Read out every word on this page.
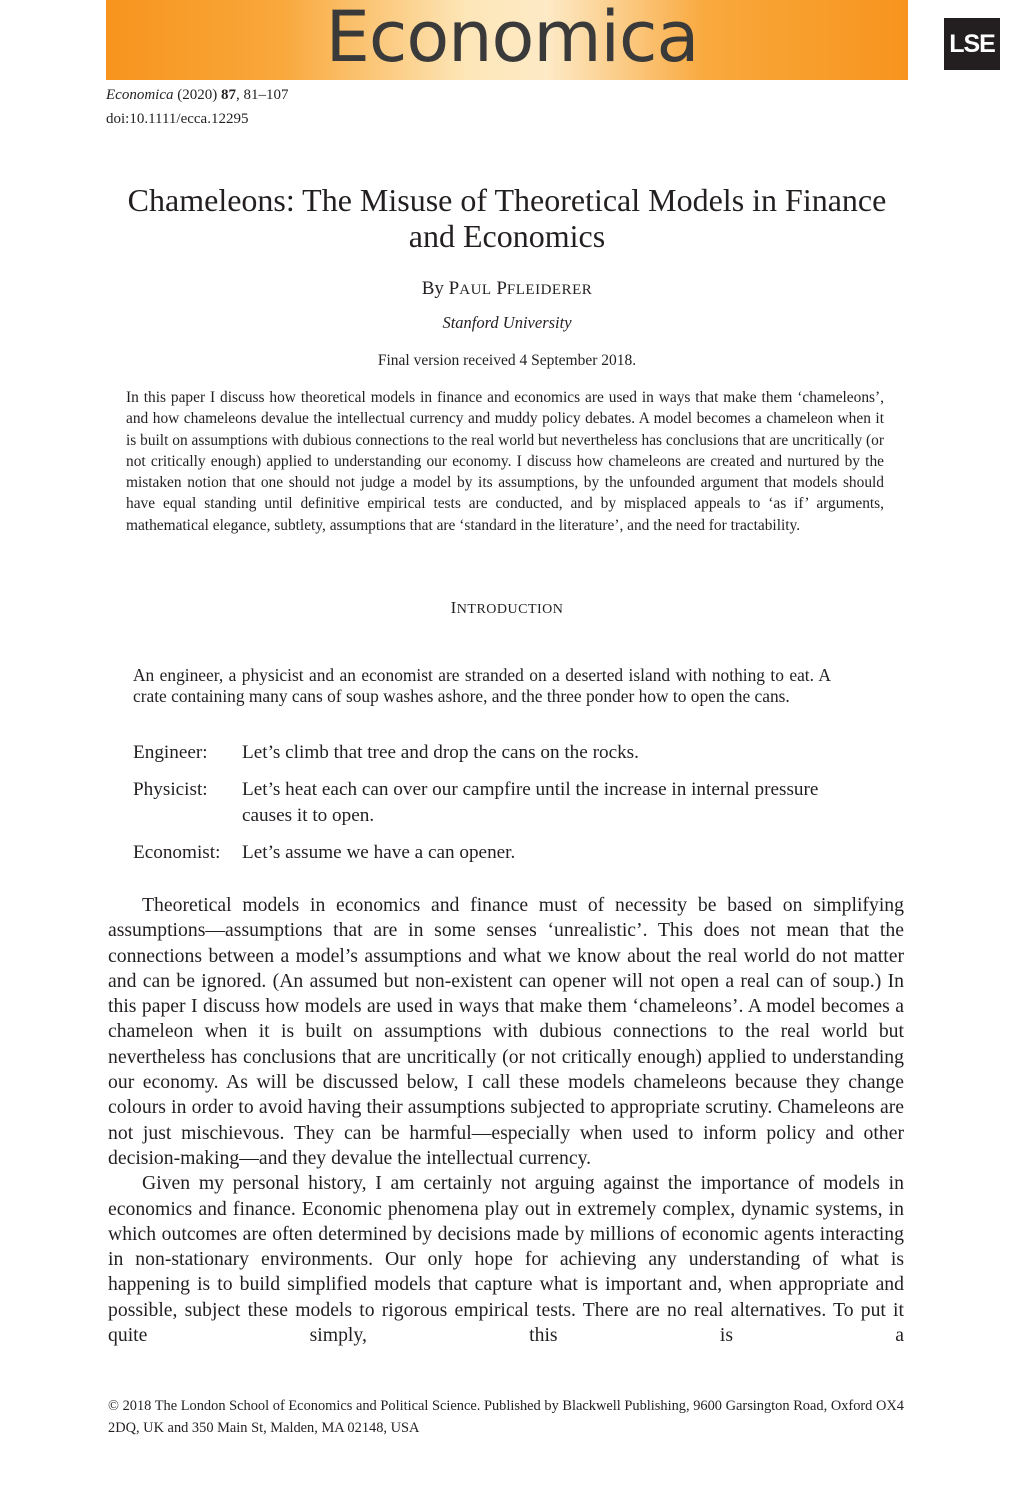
Economica	LSE
Economica (2020) 87, 81–107
doi:10.1111/ecca.12295
Chameleons: The Misuse of Theoretical Models in Finance and Economics
By PAUL PFLEIDERER
Stanford University
Final version received 4 September 2018.

In this paper I discuss how theoretical models in finance and economics are used in ways that make them ‘chameleons’, and how chameleons devalue the intellectual currency and muddy policy debates. A model becomes a chameleon when it is built on assumptions with dubious connections to the real world but nevertheless has conclusions that are uncritically (or not critically enough) applied to understanding our economy. I discuss how chameleons are created and nurtured by the mistaken notion that one should not judge a model by its assumptions, by the unfounded argument that models should have equal standing until definitive empirical tests are conducted, and by misplaced appeals to ‘as if’ arguments, mathematical elegance, subtlety, assumptions that are ‘standard in the literature’, and the need for tractability.

INTRODUCTION

An engineer, a physicist and an economist are stranded on a deserted island with nothing to eat. A crate containing many cans of soup washes ashore, and the three ponder how to open the cans.

Engineer:	Let’s climb that tree and drop the cans on the rocks.
Physicist:	Let’s heat each can over our campfire until the increase in internal pressure causes it to open.
Economist:	Let’s assume we have a can opener.

Theoretical models in economics and finance must of necessity be based on simplifying assumptions—assumptions that are in some senses ‘unrealistic’. This does not mean that the connections between a model’s assumptions and what we know about the real world do not matter and can be ignored. (An assumed but non-existent can opener will not open a real can of soup.) In this paper I discuss how models are used in ways that make them ‘chameleons’. A model becomes a chameleon when it is built on assumptions with dubious connections to the real world but nevertheless has conclusions that are uncritically (or not critically enough) applied to understanding our economy. As will be discussed below, I call these models chameleons because they change colours in order to avoid having their assumptions subjected to appropriate scrutiny. Chameleons are not just mischievous. They can be harmful—especially when used to inform policy and other decision-making—and they devalue the intellectual currency.

Given my personal history, I am certainly not arguing against the importance of models in economics and finance. Economic phenomena play out in extremely complex, dynamic systems, in which outcomes are often determined by decisions made by millions of economic agents interacting in non-stationary environments. Our only hope for achieving any understanding of what is happening is to build simplified models that capture what is important and, when appropriate and possible, subject these models to rigorous empirical tests. There are no real alternatives. To put it quite simply, this is a

© 2018 The London School of Economics and Political Science. Published by Blackwell Publishing, 9600 Garsington Road, Oxford OX4 2DQ, UK and 350 Main St, Malden, MA 02148, USA
